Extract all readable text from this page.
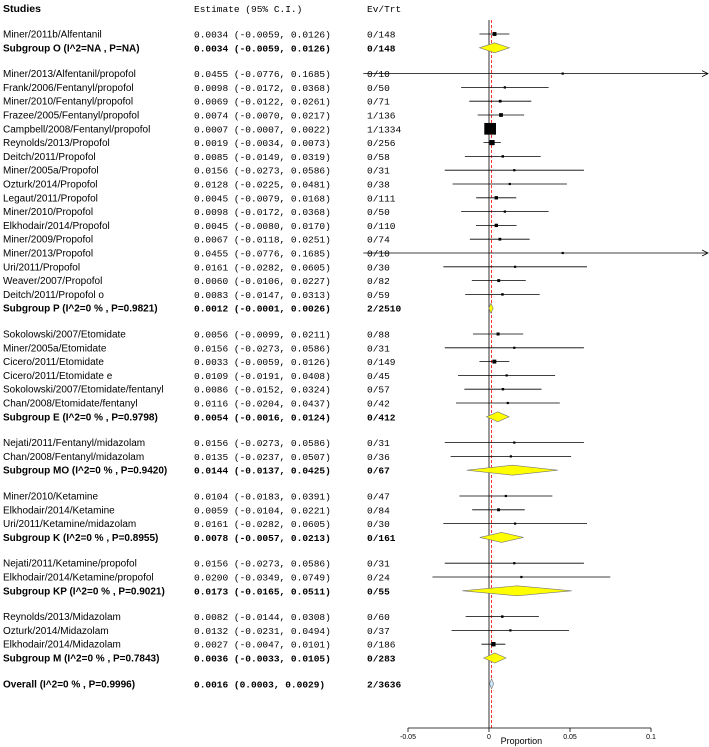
Studies	Estimate (95% C.I.)	Ev/Trt
Miner/2011b/Alfentanil	0.0034 (-0.0059, 0.0126)	0/148
Subgroup O (I^2=NA , P=NA)	0.0034 (-0.0059, 0.0126)	0/148
Miner/2013/Alfentanil/propofol	0.0455 (-0.0776, 0.1685)	0/10
Frank/2006/Fentanyl/propofol	0.0098 (-0.0172, 0.0368)	0/50
Miner/2010/Fentanyl/propofol	0.0069 (-0.0122, 0.0261)	0/71
Frazee/2005/Fentanyl/propofol	0.0074 (-0.0070, 0.0217)	1/136
Campbell/2008/Fentanyl/propofol	0.0007 (-0.0007, 0.0022)	1/1334
Reynolds/2013/Propofol	0.0019 (-0.0034, 0.0073)	0/256
Deitch/2011/Propofol	0.0085 (-0.0149, 0.0319)	0/58
Miner/2005a/Propofol	0.0156 (-0.0273, 0.0586)	0/31
Ozturk/2014/Propofol	0.0128 (-0.0225, 0.0481)	0/38
Legaut/2011/Propofol	0.0045 (-0.0079, 0.0168)	0/111
Miner/2010/Propofol	0.0098 (-0.0172, 0.0368)	0/50
Elkhodair/2014/Propofol	0.0045 (-0.0080, 0.0170)	0/110
Miner/2009/Propofol	0.0067 (-0.0118, 0.0251)	0/74
Miner/2013/Propofol	0.0455 (-0.0776, 0.1685)	0/10
Uri/2011/Propofol	0.0161 (-0.0282, 0.0605)	0/30
Weaver/2007/Propofol	0.0060 (-0.0106, 0.0227)	0/82
Deitch/2011/Propofol o	0.0083 (-0.0147, 0.0313)	0/59
Subgroup P (I^2=0 % , P=0.9821)	0.0012 (-0.0001, 0.0026)	2/2510
Sokolowski/2007/Etomidate	0.0056 (-0.0099, 0.0211)	0/88
Miner/2005a/Etomidate	0.0156 (-0.0273, 0.0586)	0/31
Cicero/2011/Etomidate	0.0033 (-0.0059, 0.0126)	0/149
Cicero/2011/Etomidate e	0.0109 (-0.0191, 0.0408)	0/45
Sokolowski/2007/Etomidate/fentanyl	0.0086 (-0.0152, 0.0324)	0/57
Chan/2008/Etomidate/fentanyl	0.0116 (-0.0204, 0.0437)	0/42
Subgroup E (I^2=0 % , P=0.9798)	0.0054 (-0.0016, 0.0124)	0/412
Nejati/2011/Fentanyl/midazolam	0.0156 (-0.0273, 0.0586)	0/31
Chan/2008/Fentanyl/midazolam	0.0135 (-0.0237, 0.0507)	0/36
Subgroup MO (I^2=0 % , P=0.9420)	0.0144 (-0.0137, 0.0425)	0/67
Miner/2010/Ketamine	0.0104 (-0.0183, 0.0391)	0/47
Elkhodair/2014/Ketamine	0.0059 (-0.0104, 0.0221)	0/84
Uri/2011/Ketamine/midazolam	0.0161 (-0.0282, 0.0605)	0/30
Subgroup K (I^2=0 % , P=0.8955)	0.0078 (-0.0057, 0.0213)	0/161
Nejati/2011/Ketamine/propofol	0.0156 (-0.0273, 0.0586)	0/31
Elkhodair/2014/Ketamine/propofol	0.0200 (-0.0349, 0.0749)	0/24
Subgroup KP (I^2=0 % , P=0.9021)	0.0173 (-0.0165, 0.0511)	0/55
Reynolds/2013/Midazolam	0.0082 (-0.0144, 0.0308)	0/60
Ozturk/2014/Midazolam	0.0132 (-0.0231, 0.0494)	0/37
Elkhodair/2014/Midazolam	0.0027 (-0.0047, 0.0101)	0/186
Subgroup M (I^2=0 % , P=0.7843)	0.0036 (-0.0033, 0.0105)	0/283
Overall (I^2=0 % , P=0.9996)	0.0016 (0.0003, 0.0029)	2/3636
-0.05	0	0.05	0.1
Proportion
